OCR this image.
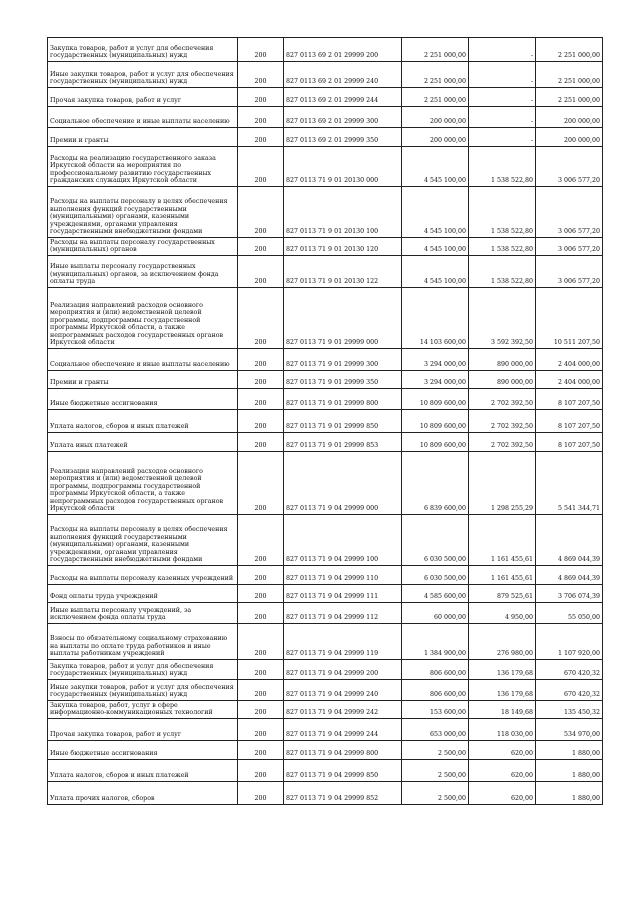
Закупка товаров, работ и услуг для обеспечения государственных (муниципальных) нужд	200	827 0113 69 2 01 29999 200	2 251 000,00	-	2 251 000,00
Иные закупки товаров, работ и услуг для обеспечения государственных (муниципальных) нужд	200	827 0113 69 2 01 29999 240	2 251 000,00	-	2 251 000,00
Прочая закупка товаров, работ и услуг	200	827 0113 69 2 01 29999 244	2 251 000,00	-	2 251 000,00
Социальное обеспечение и иные выплаты населению	200	827 0113 69 2 01 29999 300	200 000,00	-	200 000,00
Премии и гранты	200	827 0113 69 2 01 29999 350	200 000,00	-	200 000,00
Расходы на реализацию государственного заказа Иркутской области на мероприятия по профессиональному развитию государственных гражданских служащих Иркутской области	200	827 0113 71 9 01 20130 000	4 545 100,00	1 538 522,80	3 006 577,20
Расходы на выплаты персоналу в целях обеспечения выполнения функций государственными (муниципальными) органами, казенными учреждениями, органами управления государственными внебюджетными фондами	200	827 0113 71 9 01 20130 100	4 545 100,00	1 538 522,80	3 006 577,20
Расходы на выплаты персоналу государственных (муниципальных) органов	200	827 0113 71 9 01 20130 120	4 545 100,00	1 538 522,80	3 006 577,20
Иные выплаты персоналу государственных (муниципальных) органов, за исключением фонда оплаты труда	200	827 0113 71 9 01 20130 122	4 545 100,00	1 538 522,80	3 006 577,20
Реализация направлений расходов основного мероприятия и (или) ведомственной целевой программы, подпрограммы государственной программы Иркутской области, а также непрограммных расходов государственных органов Иркутской области	200	827 0113 71 9 01 29999 000	14 103 600,00	3 592 392,50	10 511 207,50
Социальное обеспечение и иные выплаты населению	200	827 0113 71 9 01 29999 300	3 294 000,00	890 000,00	2 404 000,00
Премии и гранты	200	827 0113 71 9 01 29999 350	3 294 000,00	890 000,00	2 404 000,00
Иные бюджетные ассигнования	200	827 0113 71 9 01 29999 800	10 809 600,00	2 702 392,50	8 107 207,50
Уплата налогов, сборов и иных платежей	200	827 0113 71 9 01 29999 850	10 809 600,00	2 702 392,50	8 107 207,50
Уплата иных платежей	200	827 0113 71 9 01 29999 853	10 809 600,00	2 702 392,50	8 107 207,50
Реализация направлений расходов основного мероприятия и (или) ведомственной целевой программы, подпрограммы государственной программы Иркутской области, а также непрограммных расходов государственных органов Иркутской области	200	827 0113 71 9 04 29999 000	6 839 600,00	1 298 255,29	5 541 344,71
Расходы на выплаты персоналу в целях обеспечения выполнения функций государственными (муниципальными) органами, казенными учреждениями, органами управления государственными внебюджетными фондами	200	827 0113 71 9 04 29999 100	6 030 500,00	1 161 455,61	4 869 044,39
Расходы на выплаты персоналу казенных учреждений	200	827 0113 71 9 04 29999 110	6 030 500,00	1 161 455,61	4 869 044,39
Фонд оплаты труда учреждений	200	827 0113 71 9 04 29999 111	4 585 600,00	879 525,61	3 706 074,39
Иные выплаты персоналу учреждений, за исключением фонда оплаты труда	200	827 0113 71 9 04 29999 112	60 000,00	4 950,00	55 050,00
Взносы по обязательному социальному страхованию на выплаты по оплате труда работников и иные выплаты работникам учреждений	200	827 0113 71 9 04 29999 119	1 384 900,00	276 980,00	1 107 920,00
Закупка товаров, работ и услуг для обеспечения государственных (муниципальных) нужд	200	827 0113 71 9 04 29999 200	806 600,00	136 179,68	670 420,32
Иные закупки товаров, работ и услуг для обеспечения государственных (муниципальных) нужд	200	827 0113 71 9 04 29999 240	806 600,00	136 179,68	670 420,32
Закупка товаров, работ, услуг в сфере информационно-коммуникационных технологий	200	827 0113 71 9 04 29999 242	153 600,00	18 149,68	135 450,32
Прочая закупка товаров, работ и услуг	200	827 0113 71 9 04 29999 244	653 000,00	118 030,00	534 970,00
Иные бюджетные ассигнования	200	827 0113 71 9 04 29999 800	2 500,00	620,00	1 880,00
Уплата налогов, сборов и иных платежей	200	827 0113 71 9 04 29999 850	2 500,00	620,00	1 880,00
Уплата прочих налогов, сборов	200	827 0113 71 9 04 29999 852	2 500,00	620,00	1 880,00
